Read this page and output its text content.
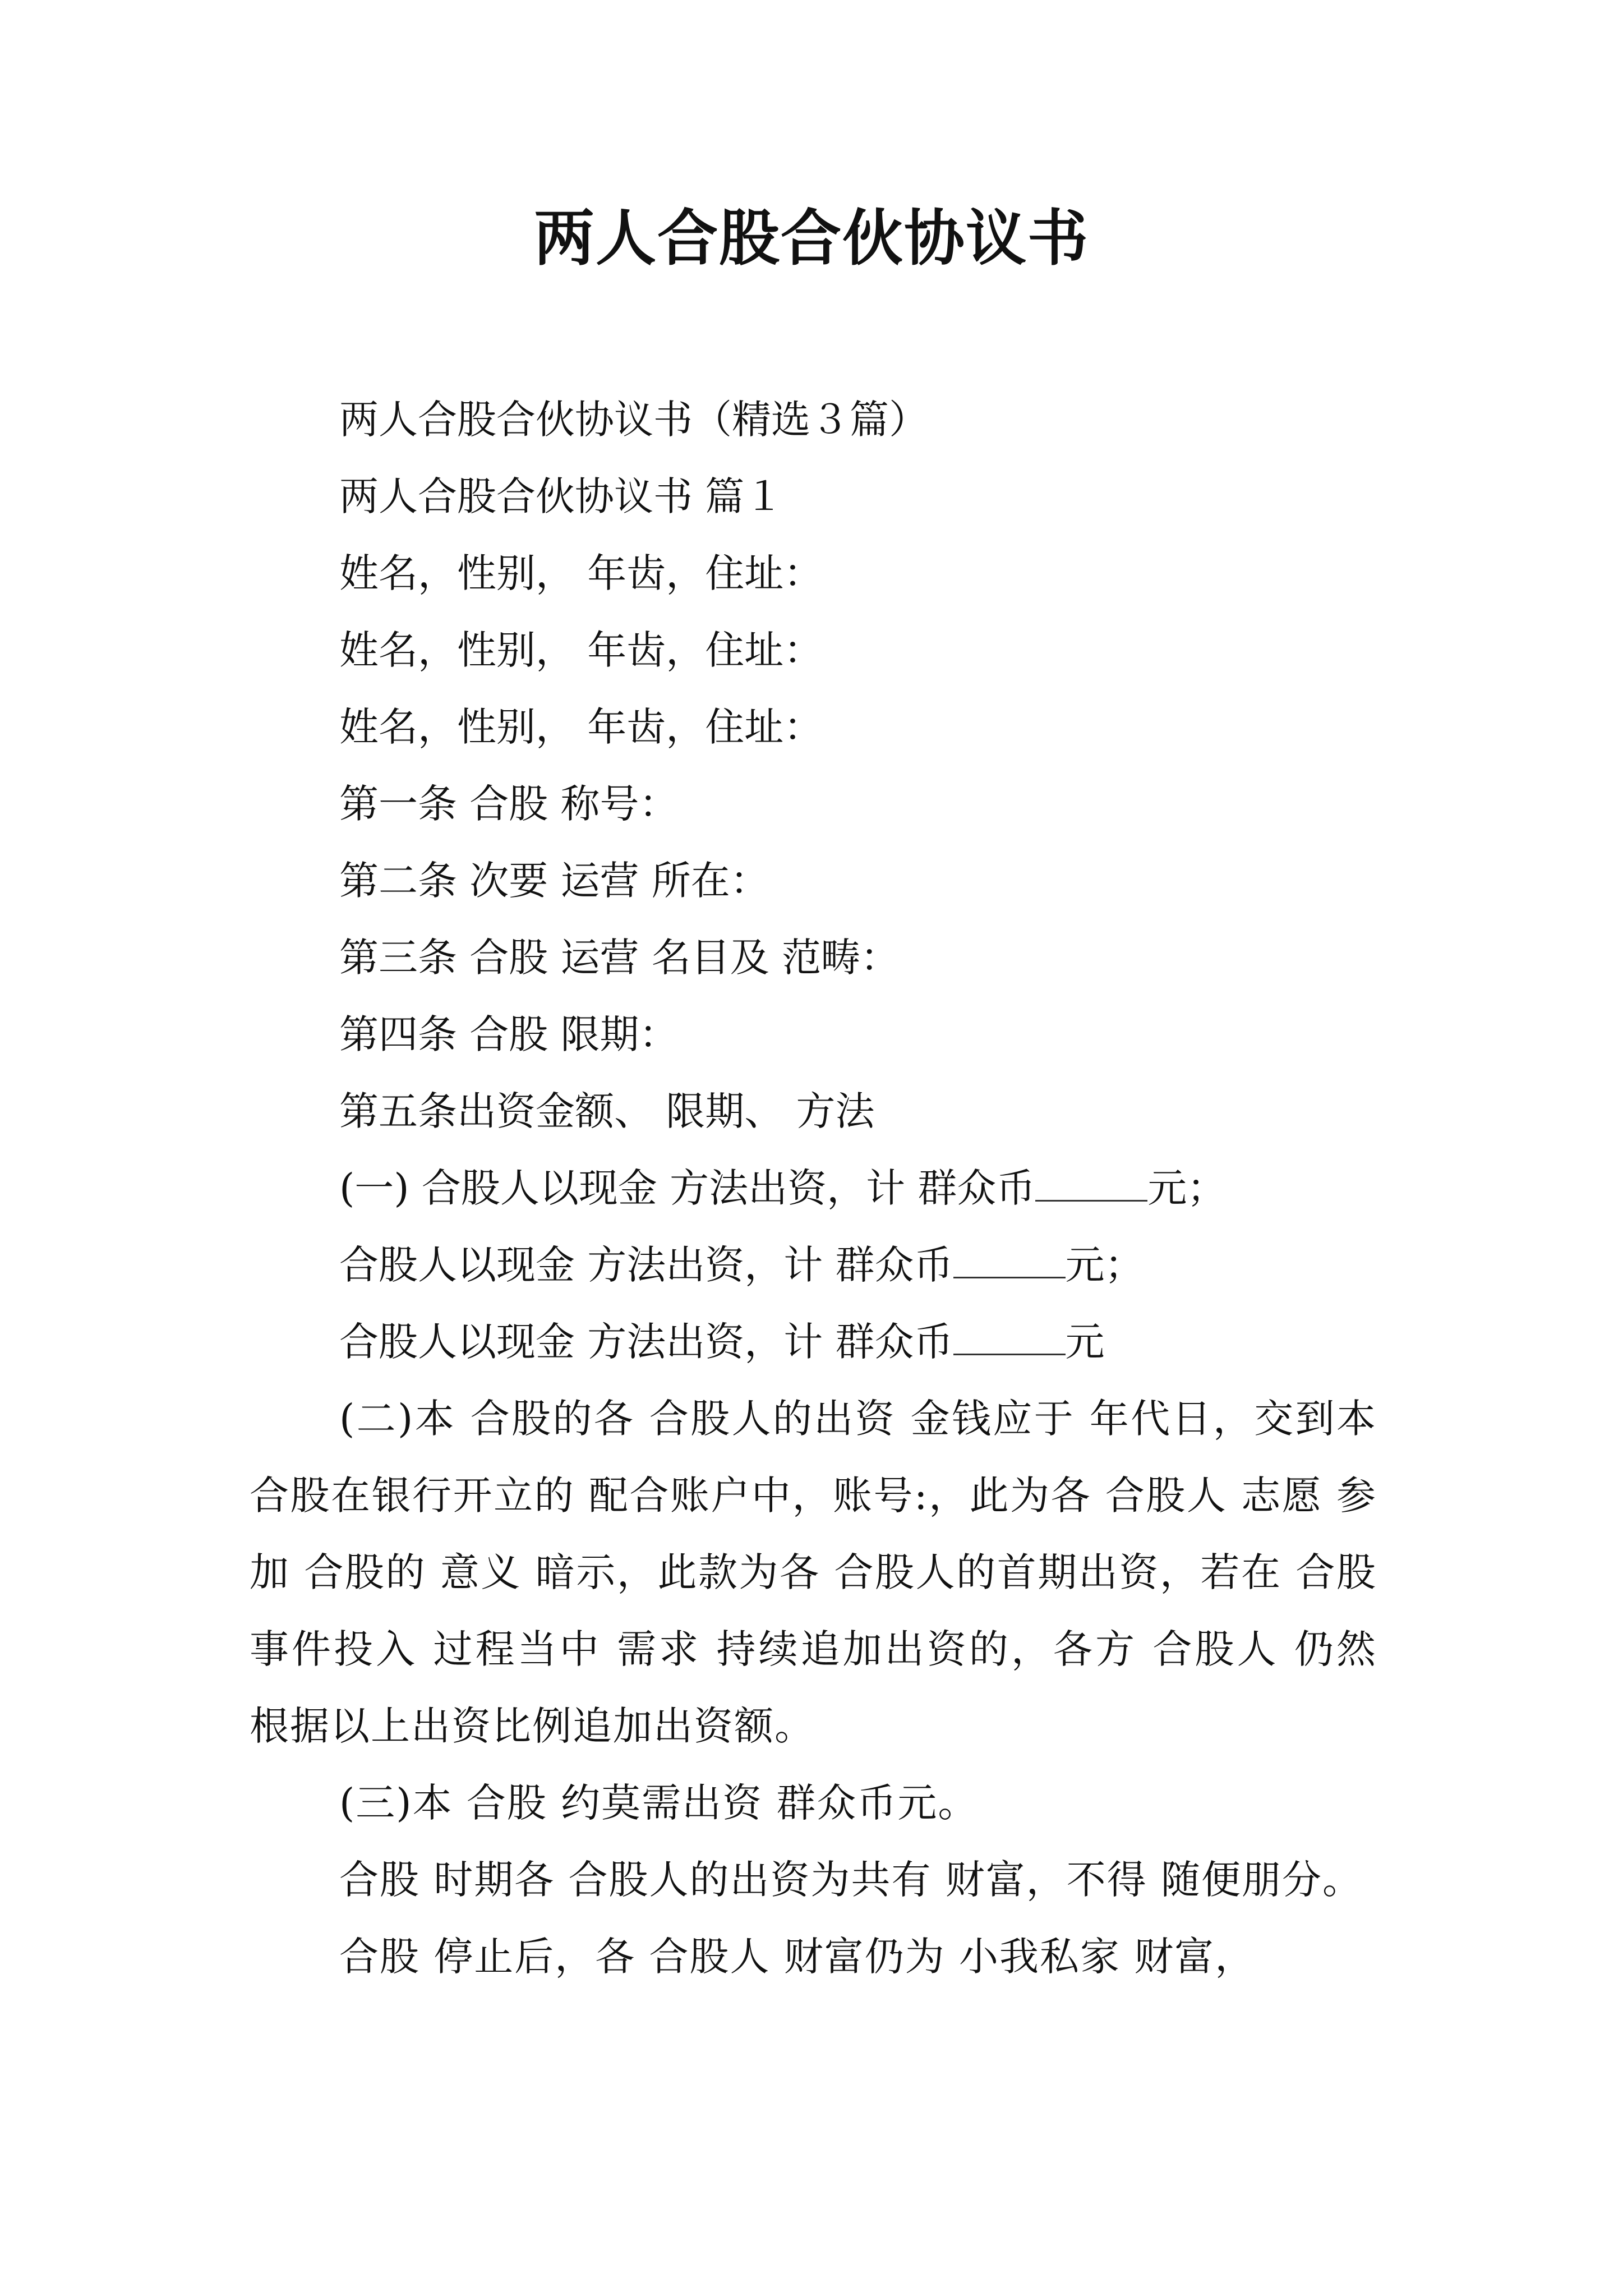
两人合股合伙协议书
两人合股合伙协议书（精选３篇）
两人合股合伙协议书 篇１
姓名，性别， 年齿，住址：
姓名，性别， 年齿，住址：
姓名，性别， 年齿，住址：
第一条 合股 称号：
第二条 次要 运营 所在：
第三条 合股 运营 名目及 范畴：
第四条 合股 限期：
第五条出资金额、 限期、 方法
(一) 合股人以现金 方法出资，计 群众币	元；
合股人以现金 方法出资，计 群众币	元；
合股人以现金 方法出资，计 群众币	元
(二)本 合股的各 合股人的出资 金钱应于 年代日，交到本 合股在银行开立的 配合账户中，账号:，此为各 合股人 志愿 参加 合股的 意义 暗示，此款为各 合股人的首期出资，若在 合股 事件投入 过程当中 需求 持续追加出资的，各方 合股人 仍然 根据以上出资比例追加出资额。
(三)本 合股 约莫需出资 群众币元。
合股 时期各 合股人的出资为共有 财富，不得 随便朋分。
合股 停止后，各 合股人 财富仍为 小我私家 财富，
